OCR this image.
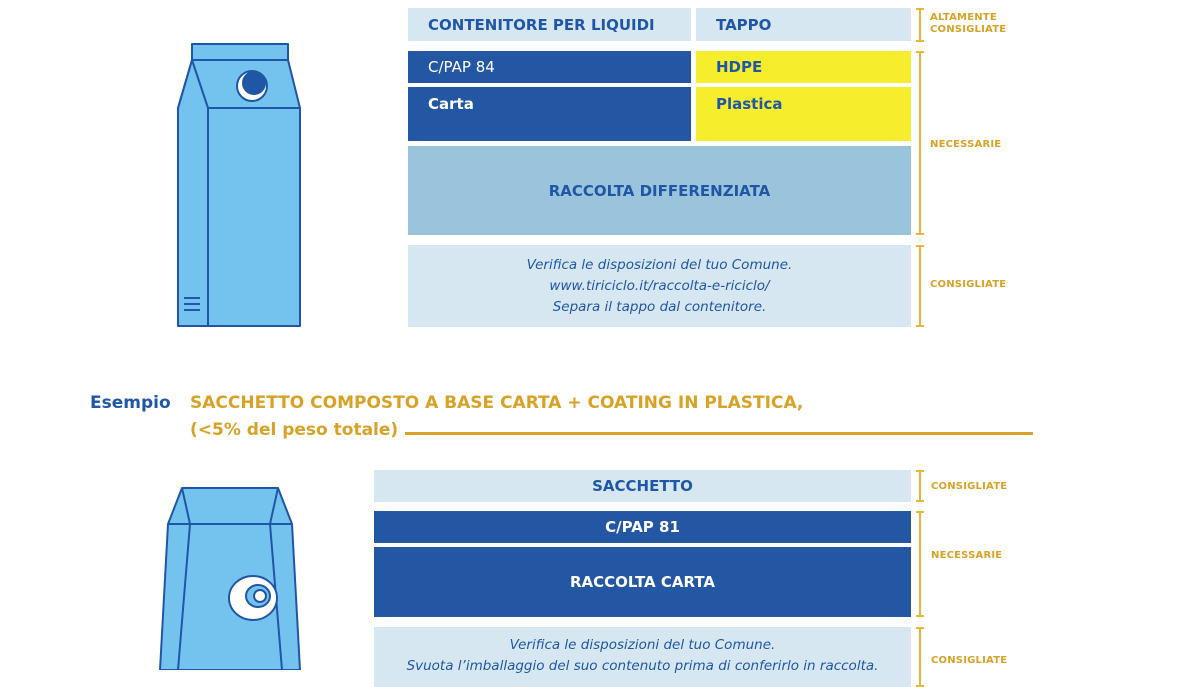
CONTENITORE PER LIQUIDI	TAPPO
C/PAP 84	HDPE
Carta	Plastica
RACCOLTA DIFFERENZIATA
Verifica le disposizioni del tuo Comune.
www.tiriciclo.it/raccolta-e-riciclo/
Separa il tappo dal contenitore.
ALTAMENTE
CONSIGLIATE
NECESSARIE
CONSIGLIATE
Esempio SACCHETTO COMPOSTO A BASE CARTA + COATING IN PLASTICA,
(<5% del peso totale)
SACCHETTO
C/PAP 81
RACCOLTA CARTA
Verifica le disposizioni del tuo Comune.
Svuota l’imballaggio del suo contenuto prima di conferirlo in raccolta.
CONSIGLIATE
NECESSARIE
CONSIGLIATE
